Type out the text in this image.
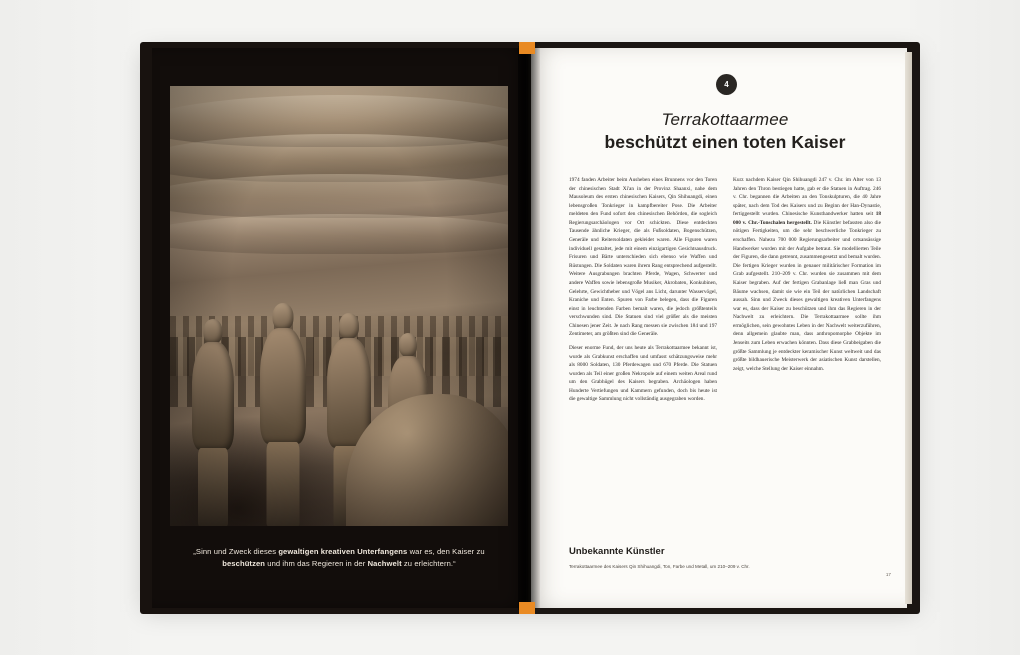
„Sinn und Zweck dieses gewaltigen kreativen Unterfangens war es, den Kaiser zu beschützen und ihm das Regieren in der Nachwelt zu erleichtern.“
4
Terrakottaarmee
beschützt einen toten Kaiser

1974 fanden Arbeiter beim Ausheben eines Brunnens vor den Toren der chinesischen Stadt Xi'an in der Provinz Shaanxi, nahe dem Mausoleum des ersten chinesischen Kaisers, Qin Shihuangdi, einen lebensgroßen Tonkrieger in kampfbereiter Pose. Die Arbeiter meldeten den Fund sofort den chinesischen Behörden, die sogleich Regierungsarchäologen vor Ort schickten. Diese entdeckten Tausende ähnliche Krieger, die als Fußsoldaten, Bogenschützen, Generäle und Reitersoldaten gekleidet waren. Alle Figuren waren individuell gestaltet, jede mit einem einzigartigen Gesichtsausdruck. Frisuren und Bärte unterschieden sich ebenso wie Waffen und Rüstungen. Die Soldaten waren ihrem Rang entsprechend aufgestellt. Weitere Ausgrabungen brachten Pferde, Wagen, Schwerter und andere Waffen sowie lebensgroße Musiker, Akrobaten, Konkubinen, Gelehrte, Gewichtheber und Vögel ans Licht, darunter Wasservögel, Kraniche und Enten. Spuren von Farbe belegen, dass die Figuren einst in leuchtenden Farben bemalt waren, die jedoch größtenteils verschwunden sind. Die Statuen sind viel größer als die meisten Chinesen jener Zeit. Je nach Rang messen sie zwischen 184 und 197 Zentimeter, am größten sind die Generäle.

Dieser enorme Fund, der uns heute als Terrakottaarmee bekannt ist, wurde als Grabkunst erschaffen und umfasst schätzungsweise mehr als 8000 Soldaten, 130 Pferdewagen und 670 Pferde. Die Statuen wurden als Teil einer großen Nekropole auf einem weiten Areal rund um den Grabhügel des Kaisers begraben. Archäologen haben Hunderte Vertiefungen und Kammern gefunden, doch bis heute ist die gewaltige Sammlung nicht vollständig ausgegraben worden.

Kurz nachdem Kaiser Qin Shihuangdi 247 v. Chr. im Alter von 13 Jahren den Thron bestiegen hatte, gab er die Statuen in Auftrag. 246 v. Chr. begannen die Arbeiten an den Tonskulpturen, die 40 Jahre später, nach dem Tod des Kaisers und zu Beginn der Han-Dynastie, fertiggestellt wurden. Chinesische Kunsthandwerker hatten seit 18 000 v. Chr.-Tonschalen hergestellt. Die Künstler befassten also die nötigen Fertigkeiten, um die sehr beschwerliche Tonkrieger zu erschaffen. Nahezu 700 000 Regierungsarbeiter und ortsansässige Handwerker wurden mit der Aufgabe betraut. Sie modellierten Teile der Figuren, die dann getrennt, zusammengesetzt und bemalt wurden. Die fertigen Krieger wurden in genauer militärischer Formation im Grab aufgestellt. 210–209 v. Chr. wurden sie zusammen mit dem Kaiser begraben. Auf der fertigen Grabanlage ließ man Gras und Bäume wachsen, damit sie wie ein Teil der natürlichen Landschaft aussah. Sinn und Zweck dieses gewaltigen kreativen Unterfangens war es, dass der Kaiser zu beschützen und ihm das Regieren in der Nachwelt zu erleichtern. Die Terrakottaarmee sollte ihm ermöglichen, sein gewohntes Leben in der Nachwelt weiterzuführen, denn allgemein glaubte man, dass anthropomorphe Objekte im Jenseits zum Leben erwachen könnten. Dass diese Grabbeigaben die größte Sammlung je entdeckter keramischer Kunst weltweit und das größte bildhauerische Meisterwerk der asiatischen Kunst darstellen, zeigt, welche Stellung der Kaiser einnahm.

Unbekannte Künstler
Terrakottaarmee des Kaisers Qin Shihuangdi, Ton, Farbe und Metall, um 210–209 v. Chr.
17
